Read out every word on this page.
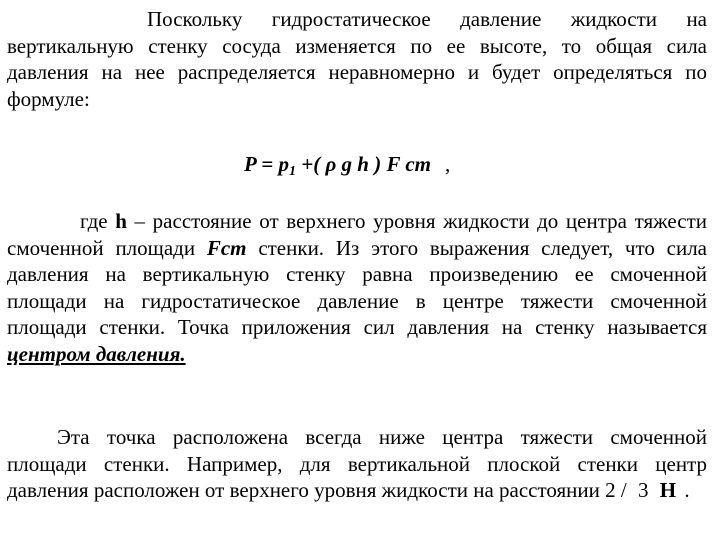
Поскольку гидростатическое давление жидкости на вертикальную стенку сосуда изменяется по ее высоте, то общая сила давления на нее распределяется неравномерно и будет определяться по формуле:

$P = p_1$ +( ρ g h ) F cm ,

где h – расстояние от верхнего уровня жидкости до центра тяжести смоченной площади Fcm стенки. Из этого выражения следует, что сила давления на вертикальную стенку равна произведению ее смоченной площади на гидростатическое давление в центре тяжести смоченной площади стенки. Точка приложения сил давления на стенку называется центром давления.

Эта точка расположена всегда ниже центра тяжести смоченной площади стенки. Например, для вертикальной плоской стенки центр давления расположен от верхнего уровня жидкости на расстоянии 2 / 3 Н .
